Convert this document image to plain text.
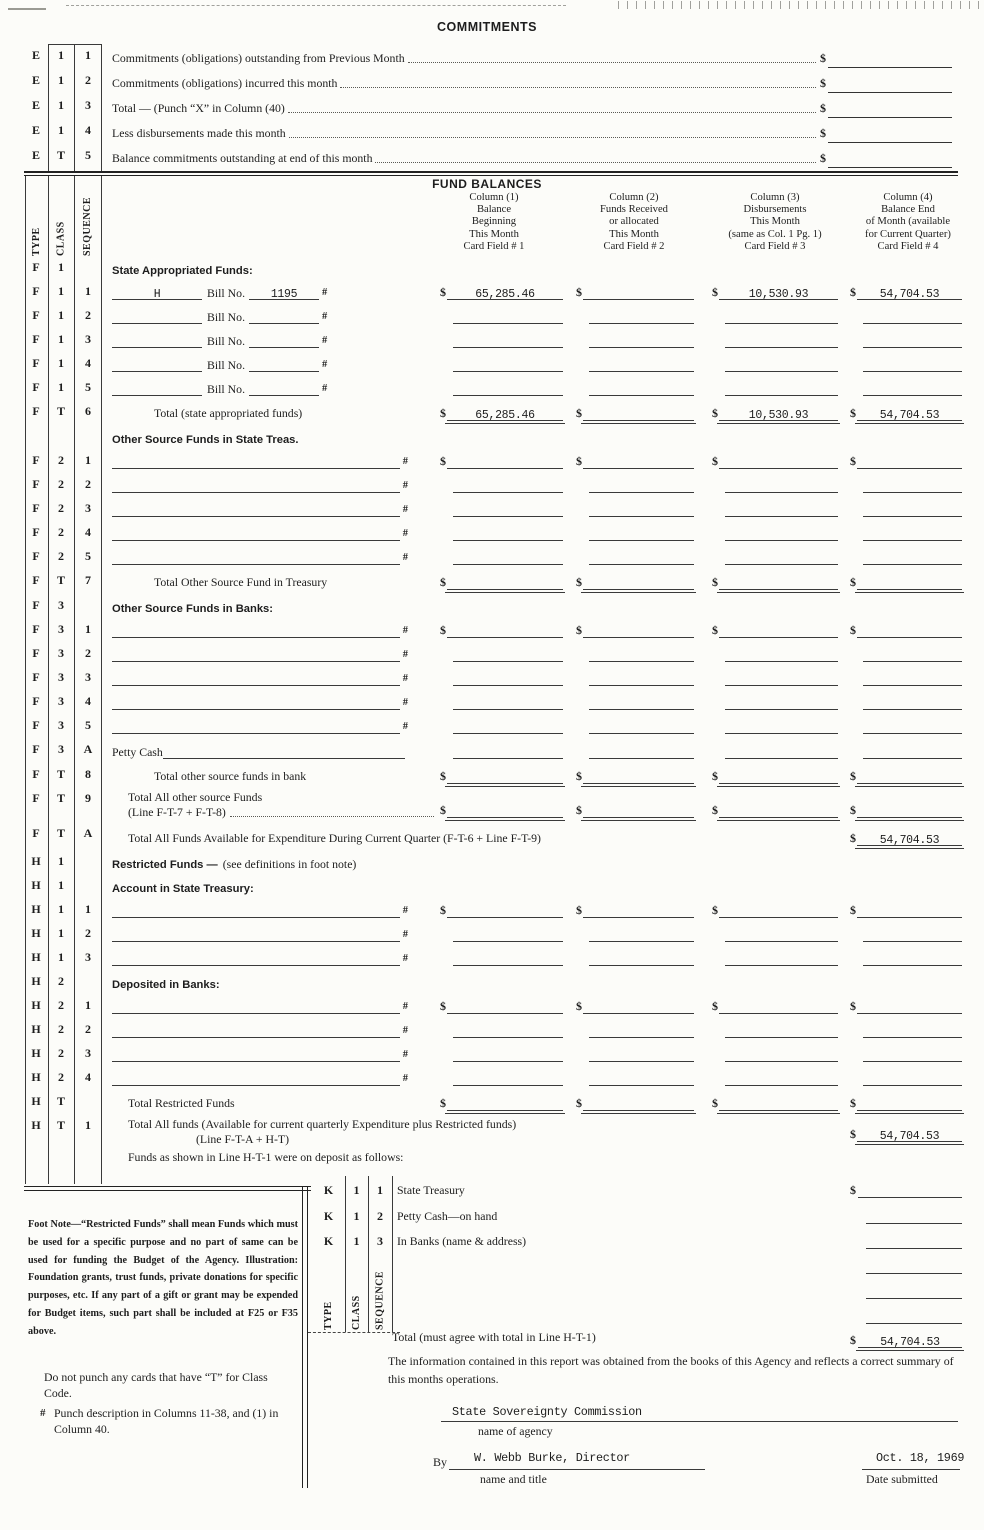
COMMITMENTS
E	1	1	Commitments (obligations) outstanding from Previous Month	$
E	1	2	Commitments (obligations) incurred this month	$
E	1	3	Total — (Punch “X” in Column (40)	$
E	1	4	Less disbursements made this month	$
E	T	5	Balance commitments outstanding at end of this month	$
FUND BALANCES
Column (1)
Balance
Beginning
This Month
Card Field # 1
Column (2)
Funds Received
or allocated
This Month
Card Field # 2
Column (3)
Disbursements
This Month
(same as Col. 1 Pg. 1)
Card Field # 3
Column (4)
Balance End
of Month (available
for Current Quarter)
Card Field # 4
TYPE	CLASS	SEQUENCE
F	1	State Appropriated Funds:
F	1	1	H	Bill No.	1195 #	$	65,285.46	$	$	10,530.93	$ 54,704.53
F	1	2	Bill No.	#
F	1	3	Bill No.	#
F	1	4	Bill No.	#
F	1	5	Bill No.	#
F	T	6	Total (state appropriated funds)	$	65,285.46	$	$	10,530.93	$ 54,704.53
Other Source Funds in State Treas.
F	2	1	#	$	$	$	$
F	2	2	#
F	2	3	#
F	2	4	#
F	2	5	#
F	T	7	Total Other Source Fund in Treasury	$	$	$	$
F	3	Other Source Funds in Banks:
F	3	1	#	$	$	$	$
F	3	2	#
F	3	3	#
F	3	4	#
F	3	5	#
F	3	A	Petty Cash
F	T	8	Total other source funds in bank	$	$	$	$
F	T	9	Total All other source Funds
(Line F-T-7 + F-T-8)	$	$	$	$
F	T	A	Total All Funds Available for Expenditure During Current Quarter (F-T-6 + Line F-T-9)	$ 54,704.53
H	1	Restricted Funds — (see definitions in foot note)
H	1	Account in State Treasury:
H	1	1	#	$	$	$	$
H	1	2	#
H	1	3	#
H	2	Deposited in Banks:
H	2	1	#	$	$	$	$
H	2	2	#
H	2	3	#
H	2	4	#
H	T	Total Restricted Funds	$	$	$	$
H	T	1	Total All funds (Available for current quarterly Expenditure plus Restricted funds)
(Line F-T-A + H-T)	$ 54,704.53
Funds as shown in Line H-T-1 were on deposit as follows:
K	1	1	State Treasury
K	1	2	Petty Cash—on hand
K	1	3	In Banks (name & address)
TYPE	CLASS	SEQUENCE
$
Total (must agree with total in Line H-T-1)	$ 54,704.53
Foot Note—“Restricted Funds” shall mean Funds which must be used for a specific purpose and no part of same can be used for funding the Budget of the Agency. Illustration: Foundation grants, trust funds, private donations for specific purposes, etc. If any part of a gift or grant may be expended for Budget items, such part shall be included at F25 or F35 above.
Do not punch any cards that have “T” for Class Code.
# Punch description in Columns 11-38, and (1) in Column 40.
The information contained in this report was obtained from the books of this Agency and reflects a correct summary of this months operations.
State Sovereignty Commission
name of agency
By W. Webb Burke, Director
name and title
Oct. 18, 1969
Date submitted
